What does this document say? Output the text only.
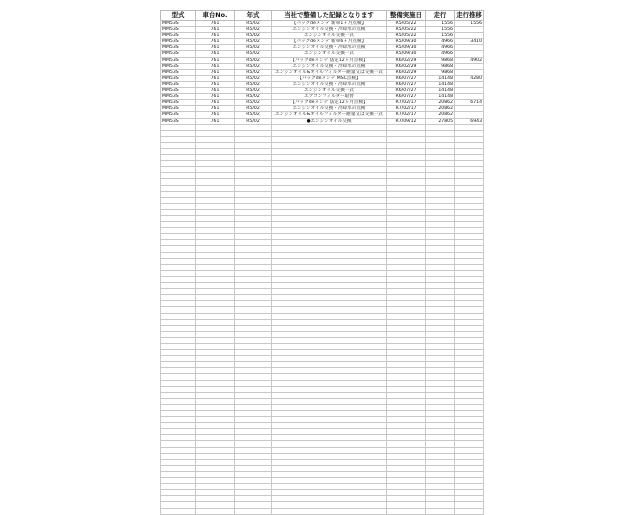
型式	車台No.	年式	当社で整備した記録となります	整備実施日	走行	走行推移
MM53S	761	R5/02	【パックdeメンテ 新車1ヶ月点検】	R5/05/22	1556	1556
MM53S	761	R5/02	エンジンオイル交換・冷却水の点検	R5/05/22	1556	
MM53S	761	R5/02	エンジンオイル交換一式	R5/05/22	1556	
MM53S	761	R5/02	【パックdeメンテ 新車6ヶ月点検】	R5/09/30	4966	3410
MM53S	761	R5/02	エンジンオイル交換・冷却水の点検	R5/09/30	4966	
MM53S	761	R5/02	エンジンオイル交換一式	R5/09/30	4966	
MM53S	761	R5/02	【パックdeメンテ 法定12ヶ月点検】	R6/02/29	9868	4902
MM53S	761	R5/02	エンジンオイル交換・冷却水の点検	R6/02/29	9868	
MM53S	761	R5/02	エンジンオイル&オイルフィルター耐量又は交換一式	R6/02/29	9868	
MM53S	761	R5/02	【パックdeメンテ MSC点検】	R6/07/27	14148	4280
MM53S	761	R5/02	エンジンオイル交換・冷却水の点検	R6/07/27	14148	
MM53S	761	R5/02	エンジンオイル交換一式	R6/07/27	14148	
MM53S	761	R5/02	エアコンフィルター取替	R6/07/27	14148	
MM53S	761	R5/02	【パックdeメンテ 法定12ヶ月点検】	R7/02/17	20862	6714
MM53S	761	R5/02	エンジンオイル交換・冷却水の点検	R7/02/17	20862	
MM53S	761	R5/02	エンジンオイル&オイルフィルター耐量又は交換一式	R7/02/17	20862	
MM53S	761	R5/02	●エンジンオイル交換	R7/09/12	27805	6943
